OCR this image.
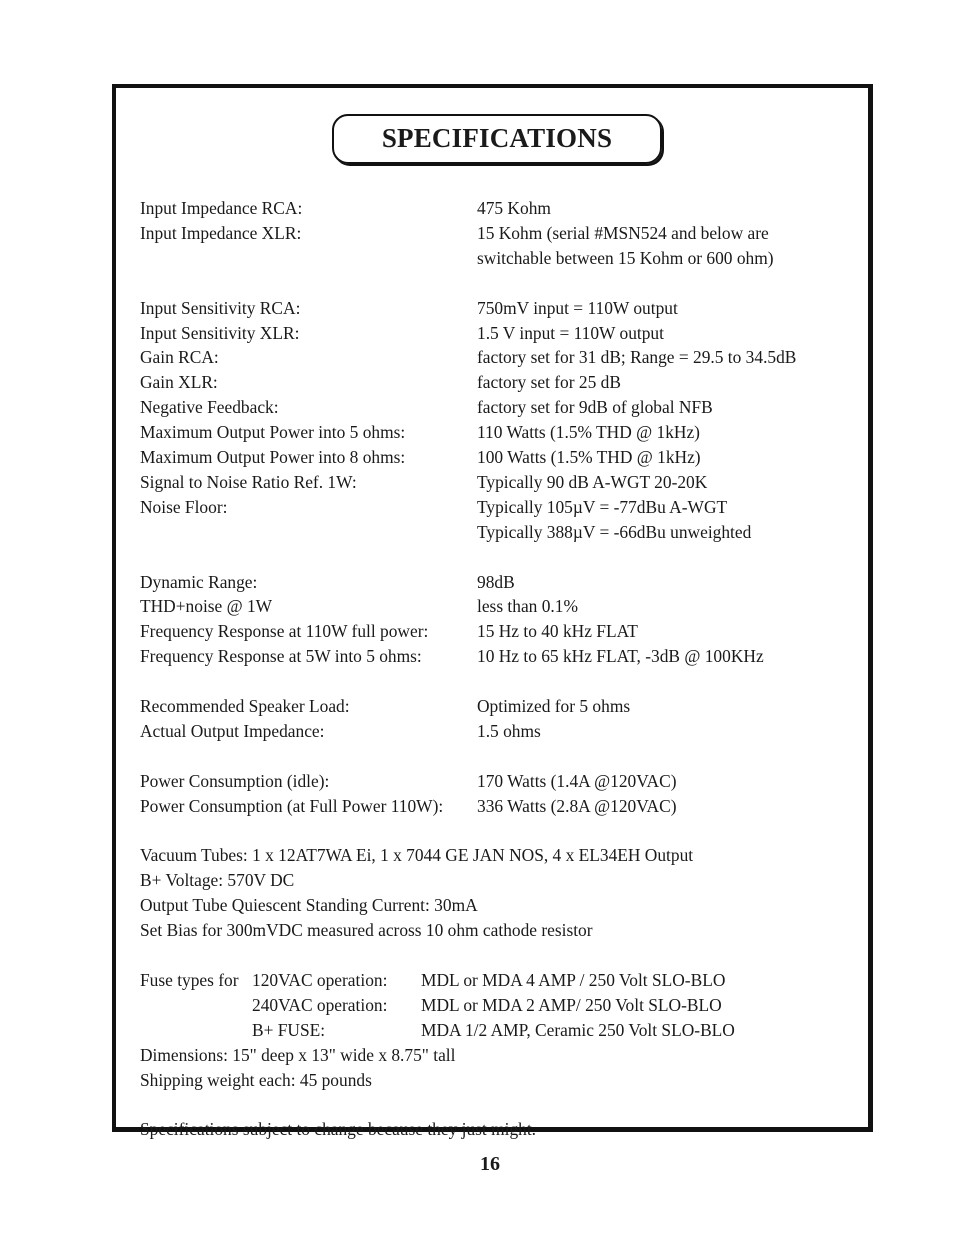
SPECIFICATIONS
Input Impedance RCA:	475 Kohm
Input Impedance XLR:	15 Kohm (serial #MSN524 and below are
switchable between 15 Kohm or 600 ohm)
Input Sensitivity RCA:	750mV input = 110W output
Input Sensitivity XLR:	1.5 V input = 110W output
Gain RCA:	factory set for 31 dB; Range = 29.5 to 34.5dB
Gain XLR:	factory set for 25 dB
Negative Feedback:	factory set for 9dB of global NFB
Maximum Output Power into 5 ohms:	110 Watts (1.5% THD @ 1kHz)
Maximum Output Power into 8 ohms:	100 Watts (1.5% THD @ 1kHz)
Signal to Noise Ratio Ref. 1W:	Typically 90 dB A-WGT 20-20K
Noise Floor:	Typically 105µV = -77dBu A-WGT
Typically 388µV = -66dBu unweighted
Dynamic Range:	98dB
THD+noise @ 1W	less than 0.1%
Frequency Response at 110W full power:	15 Hz to 40 kHz FLAT
Frequency Response at 5W into 5 ohms:	10 Hz to 65 kHz FLAT, -3dB @ 100KHz
Recommended Speaker Load:	Optimized for 5 ohms
Actual Output Impedance:	1.5 ohms
Power Consumption (idle):	170 Watts (1.4A @120VAC)
Power Consumption (at Full Power 110W):	336 Watts (2.8A @120VAC)
Vacuum Tubes: 1 x 12AT7WA Ei, 1 x 7044 GE JAN NOS, 4 x EL34EH Output
B+ Voltage: 570V DC
Output Tube Quiescent Standing Current: 30mA
Set Bias for 300mVDC measured across 10 ohm cathode resistor
Fuse types for 120VAC operation:	MDL or MDA 4 AMP / 250 Volt SLO-BLO
240VAC operation:	MDL or MDA 2 AMP/ 250 Volt SLO-BLO
B+ FUSE:	MDA 1/2 AMP, Ceramic 250 Volt SLO-BLO
Dimensions: 15" deep x 13" wide x 8.75" tall
Shipping weight each: 45 pounds
Specifications subject to change because they just might.
16
